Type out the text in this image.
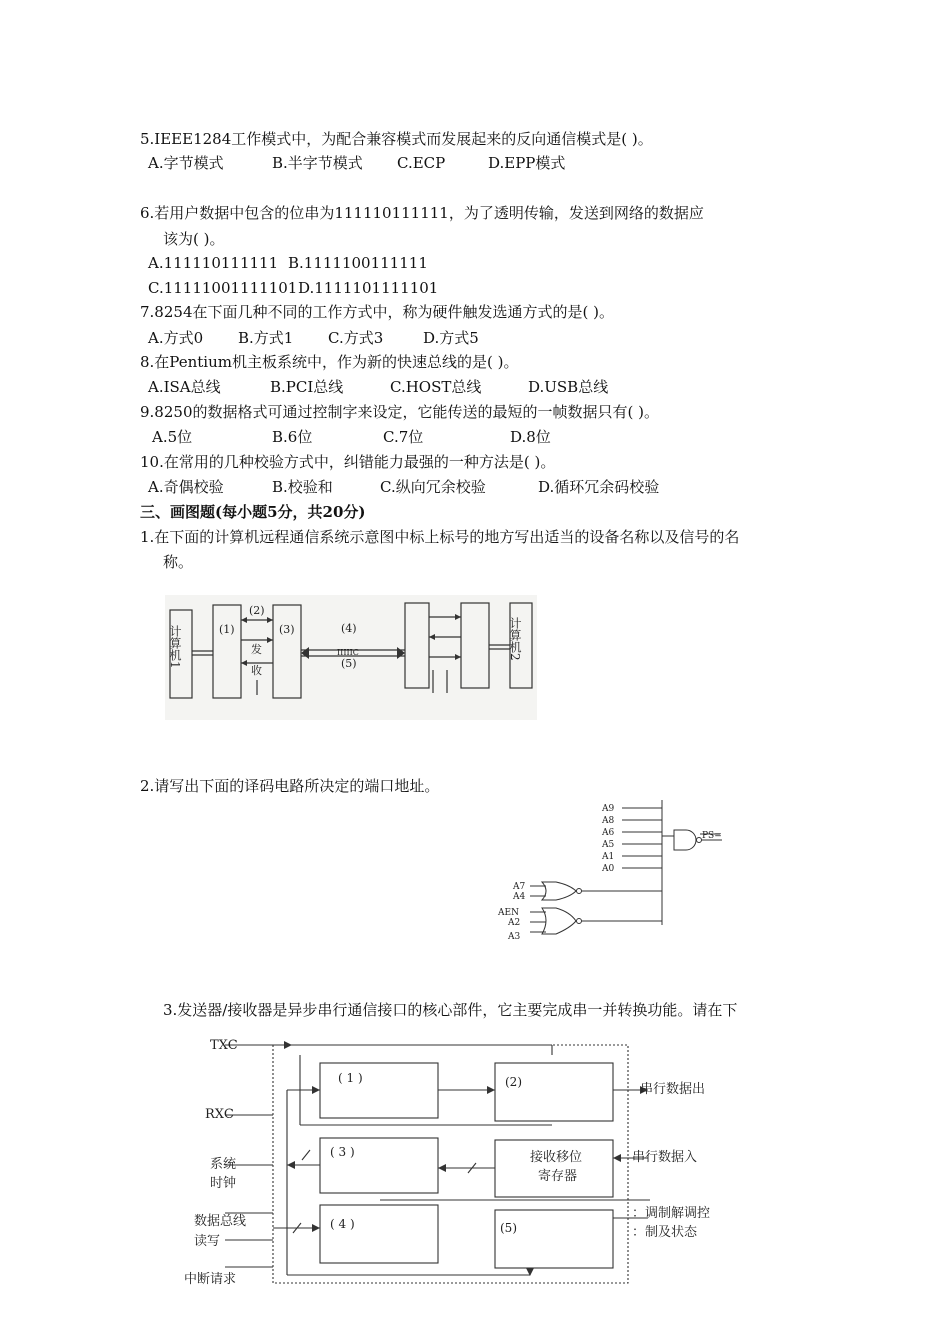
5.IEEE1284工作模式中，为配合兼容模式而发展起来的反向通信模式是( )。
A.字节模式	B.半字节模式 C.ECP	D.EPP模式
6.若用户数据中包含的位串为111110111111，为了透明传输，发送到网络的数据应
该为( )。
A.111110111111 B.1111100111111
C.11111001111101 D.1111101111101
7.8254在下面几种不同的工作方式中，称为硬件触发选通方式的是( )。
A.方式0 B.方式1 C.方式3	D.方式5
8.在Pentium机主板系统中，作为新的快速总线的是( )。
A.ISA总线	B.PCI总线	C.HOST总线	D.USB总线
9.8250的数据格式可通过控制字来设定，它能传送的最短的一帧数据只有( )。
A.5位	B.6位	C.7位	D.8位
10.在常用的几种校验方式中，纠错能力最强的一种方法是( )。
A.奇偶校验	B.校验和	C.纵向冗余校验	D.循环冗余码校验
三、画图题(每小题5分，共20分)
1.在下面的计算机远程通信系统示意图中标上标号的地方写出适当的设备名称以及信号的名
称。
计算机1	计算机2
(1)
(2)
(3)	(4)
(5)
发
收
IIIIIC
2.请写出下面的译码电路所决定的端口地址。
A9
A8
A6
A5
A1
A0
A7
A4
AEN
A2
A3
PS=
3.发送器/接收器是异步串行通信接口的核心部件，它主要完成串一并转换功能。请在下
TXC
RXC
系统
时钟
数据总线
读写
中断请求
( 1 )	(2)
( 3 )	接收移位
寄存器
( 4 )	(5)
串行数据出
串行数据入
：调制解调控
：制及状态
